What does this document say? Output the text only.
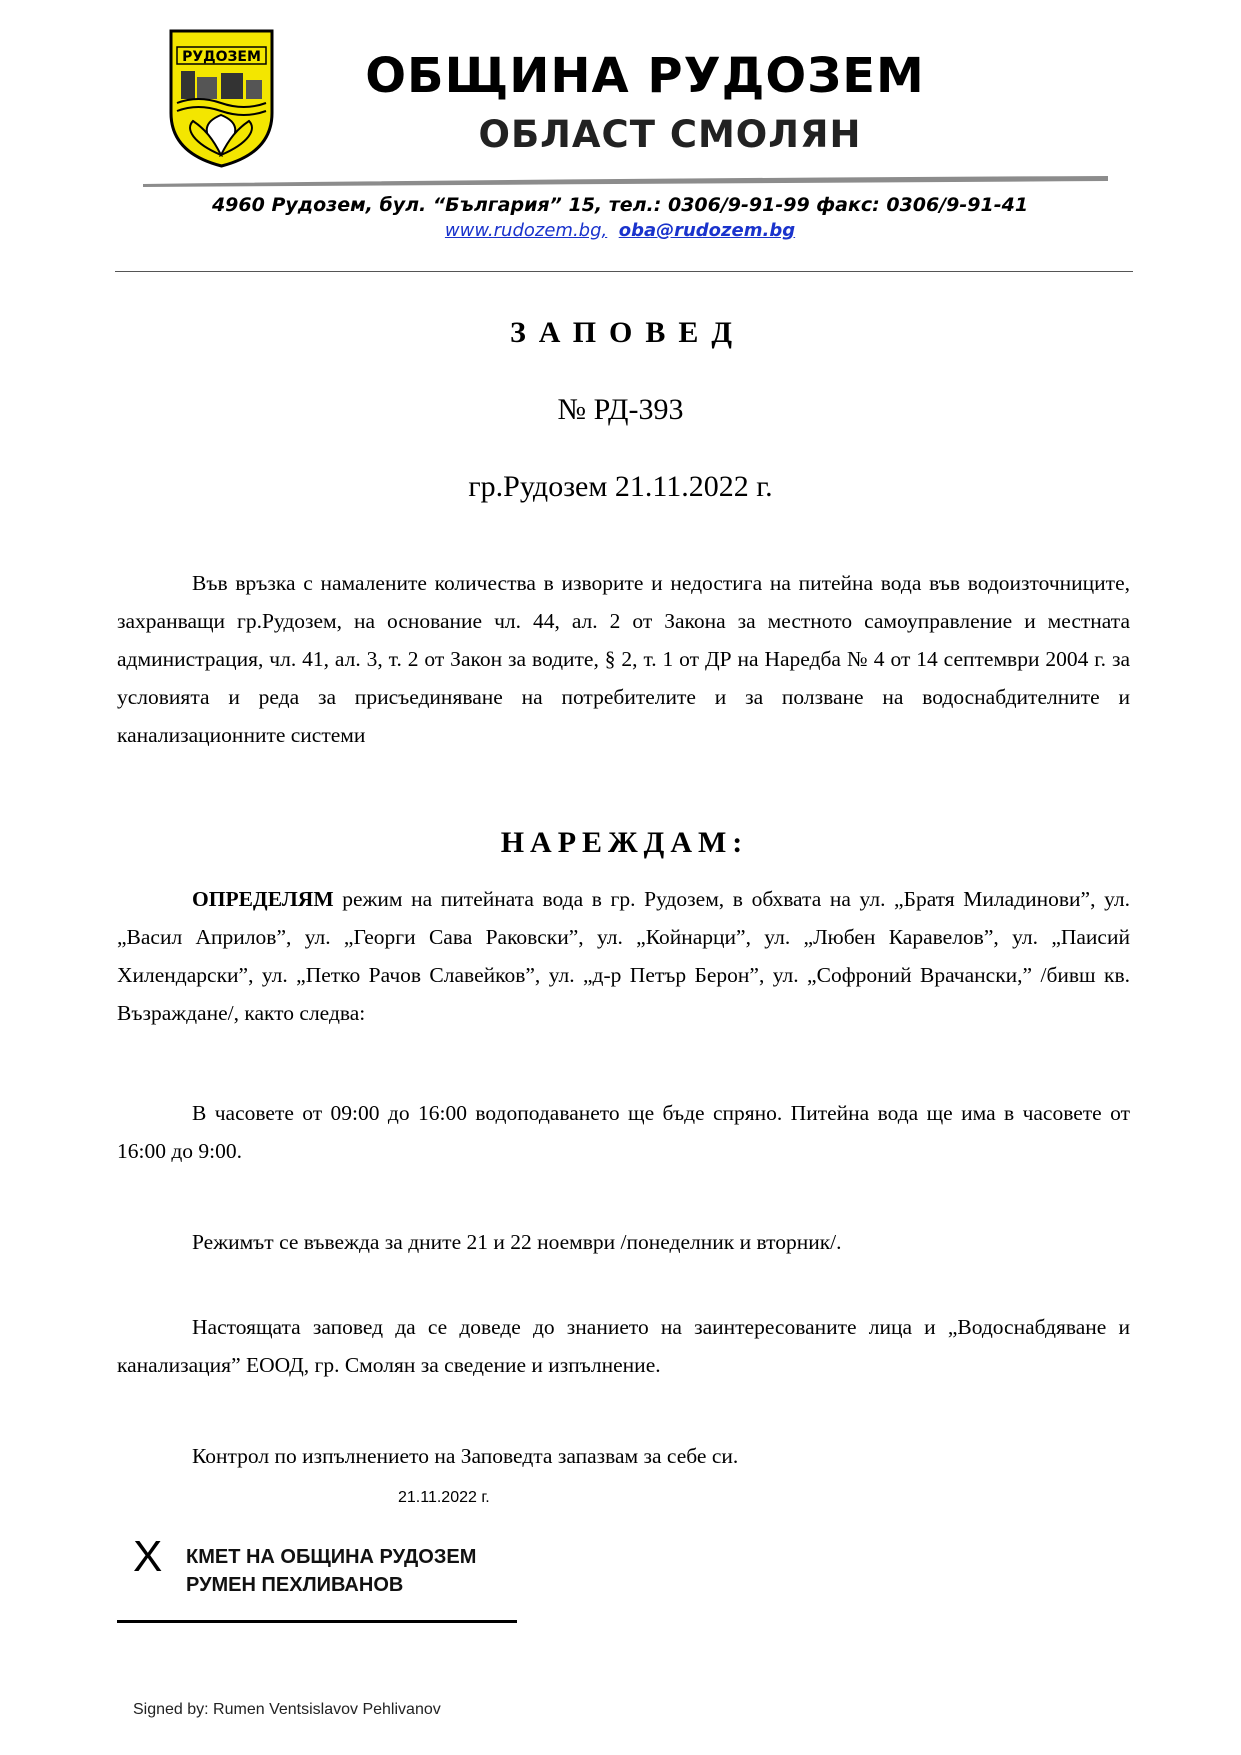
РУДОЗЕМ	ОБЩИНА РУДОЗЕМ
ОБЛАСТ СМОЛЯН
4960 Рудозем, бул. “България” 15, тел.: 0306/9-91-99 факс: 0306/9-91-41
www.rudozem.bg, oba@rudozem.bg
ЗАПОВЕД
№ РД-393
гр.Рудозем 21.11.2022 г.

Във връзка с намалените количества в изворите и недостига на питейна вода във водоизточниците, захранващи гр.Рудозем, на основание чл. 44, ал. 2 от Закона за местното самоуправление и местната администрация, чл. 41, ал. 3, т. 2 от Закон за водите, § 2, т. 1 от ДР на Наредба № 4 от 14 септември 2004 г. за условията и реда за присъединяване на потребителите и за ползване на водоснабдителните и канализационните системи

НАРЕЖДАМ:

ОПРЕДЕЛЯМ режим на питейната вода в гр. Рудозем, в обхвата на ул. „Братя Миладинови”, ул. „Васил Априлов”, ул. „Георги Сава Раковски”, ул. „Койнарци”, ул. „Любен Каравелов”, ул. „Паисий Хилендарски”, ул. „Петко Рачов Славейков”, ул. „д-р Петър Берон”, ул. „Софроний Врачански,” /бивш кв. Възраждане/, както следва:

В часовете от 09:00 до 16:00 водоподаването ще бъде спряно. Питейна вода ще има в часовете от 16:00 до 9:00.

Режимът се въвежда за дните 21 и 22 ноември /понеделник и вторник/.

Настоящата заповед да се доведе до знанието на заинтересованите лица и „Водоснабдяване и канализация” ЕООД, гр. Смолян за сведение и изпълнение.

Контрол по изпълнението на Заповедта запазвам за себе си.

21.11.2022 г.
X КМЕТ НА ОБЩИНА РУДОЗЕМ
РУМЕН ПЕХЛИВАНОВ
Signed by: Rumen Ventsislavov Pehlivanov
